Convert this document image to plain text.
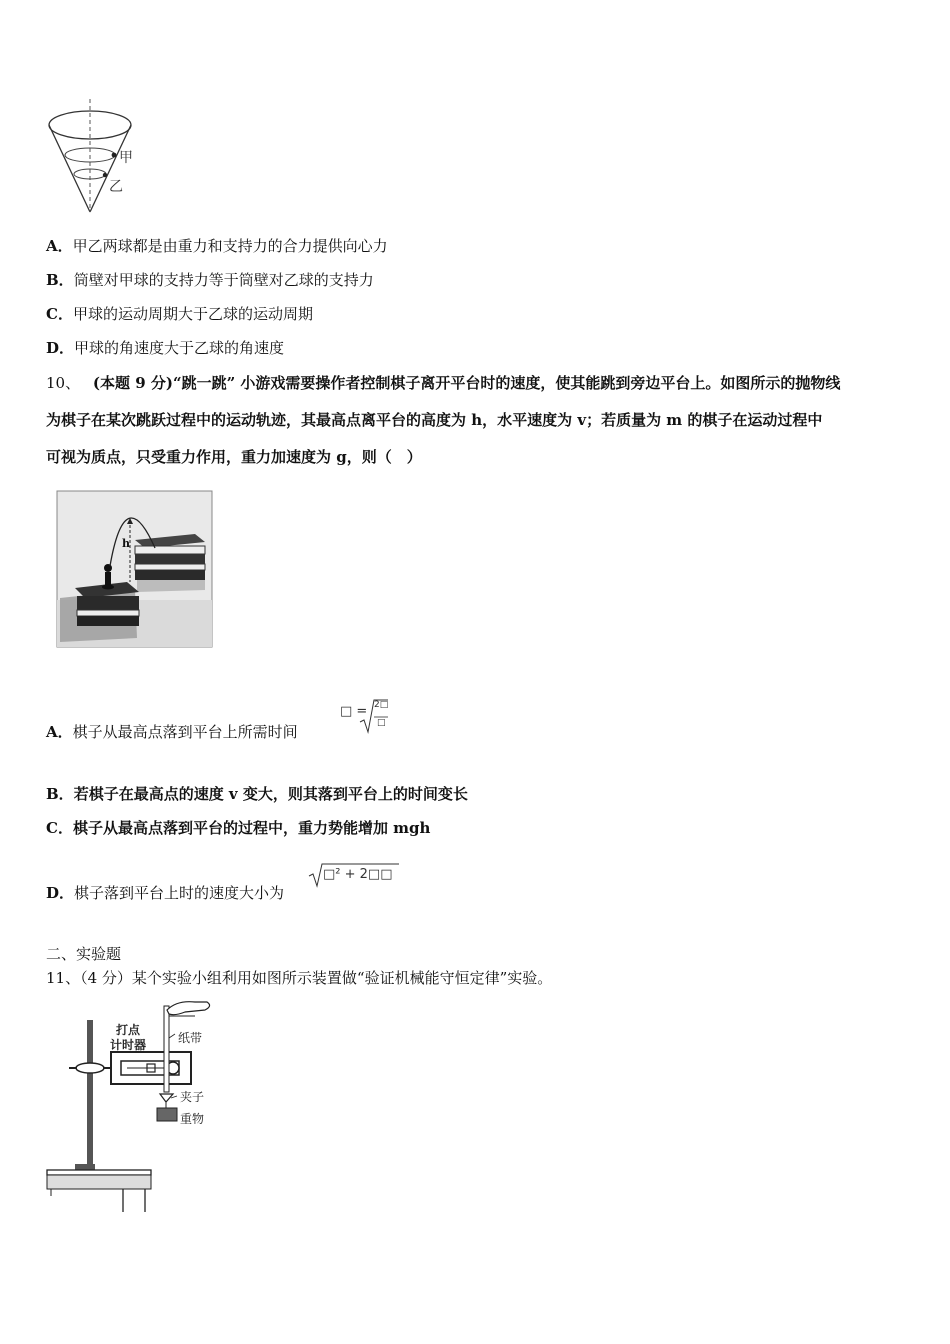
甲
乙
A．甲乙两球都是由重力和支持力的合力提供向心力
B．筒壁对甲球的支持力等于筒壁对乙球的支持力
C．甲球的运动周期大于乙球的运动周期
D．甲球的角速度大于乙球的角速度
10、 (本题 9 分)“跳一跳” 小游戏需要操作者控制棋子离开平台时的速度，使其能跳到旁边平台上。如图所示的抛物线
为棋子在某次跳跃过程中的运动轨迹，其最高点离平台的高度为 h，水平速度为 v；若质量为 m 的棋子在运动过程中
可视为质点，只受重力作用，重力加速度为 g，则（　）
h
A．棋子从最高点落到平台上所需时间
□ = 2□
□
B．若棋子在最高点的速度 v 变大，则其落到平台上的时间变长
C．棋子从最高点落到平台的过程中，重力势能增加 mgh
D．棋子落到平台上时的速度大小为
□² + 2□□
二、实验题
11、（4 分）某个实验小组利用如图所示装置做“验证机械能守恒定律”实验。
打点
计时器	纸带
夹子
重物
